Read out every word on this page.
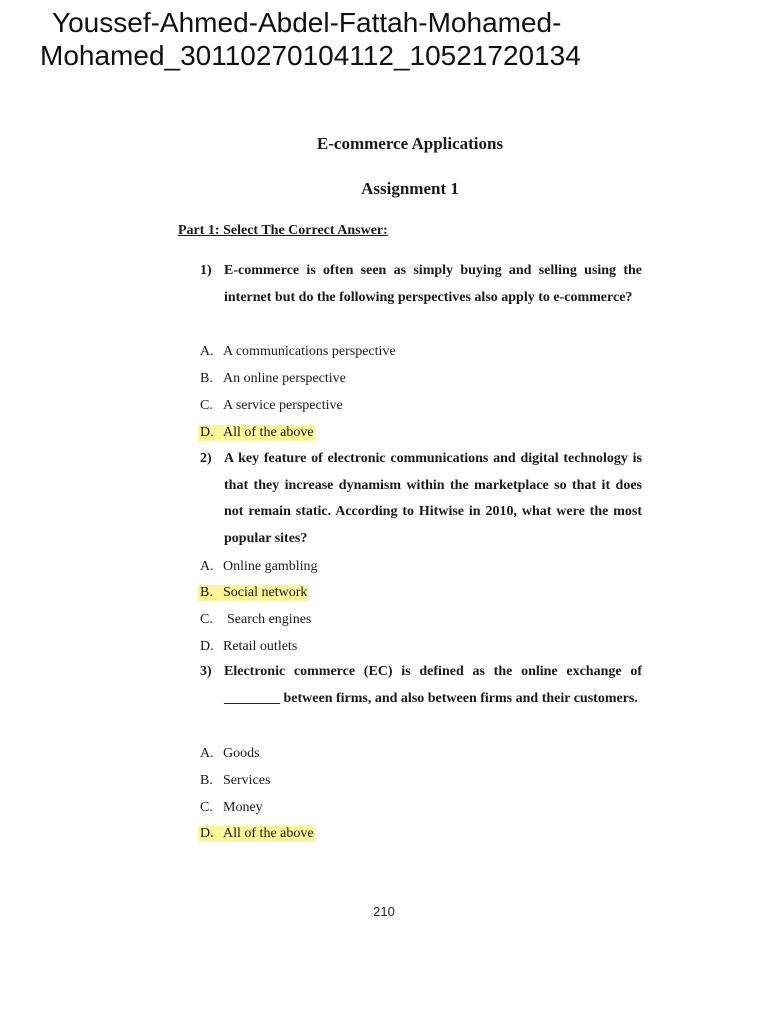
Youssef-Ahmed-Abdel-Fattah-Mohamed-
Mohamed_30110270104112_10521720134
E-commerce Applications
Assignment 1
Part 1: Select The Correct Answer:
1) E-commerce is often seen as simply buying and selling using the internet but do the following perspectives also apply to e-commerce?
A. A communications perspective
B. An online perspective
C. A service perspective
D. All of the above
2) A key feature of electronic communications and digital technology is that they increase dynamism within the marketplace so that it does not remain static. According to Hitwise in 2010, what were the most popular sites?
A. Online gambling
B. Social network
C. Search engines
D. Retail outlets
3) Electronic commerce (EC) is defined as the online exchange of ________ between firms, and also between firms and their customers.
A. Goods
B. Services
C. Money
D. All of the above
210
